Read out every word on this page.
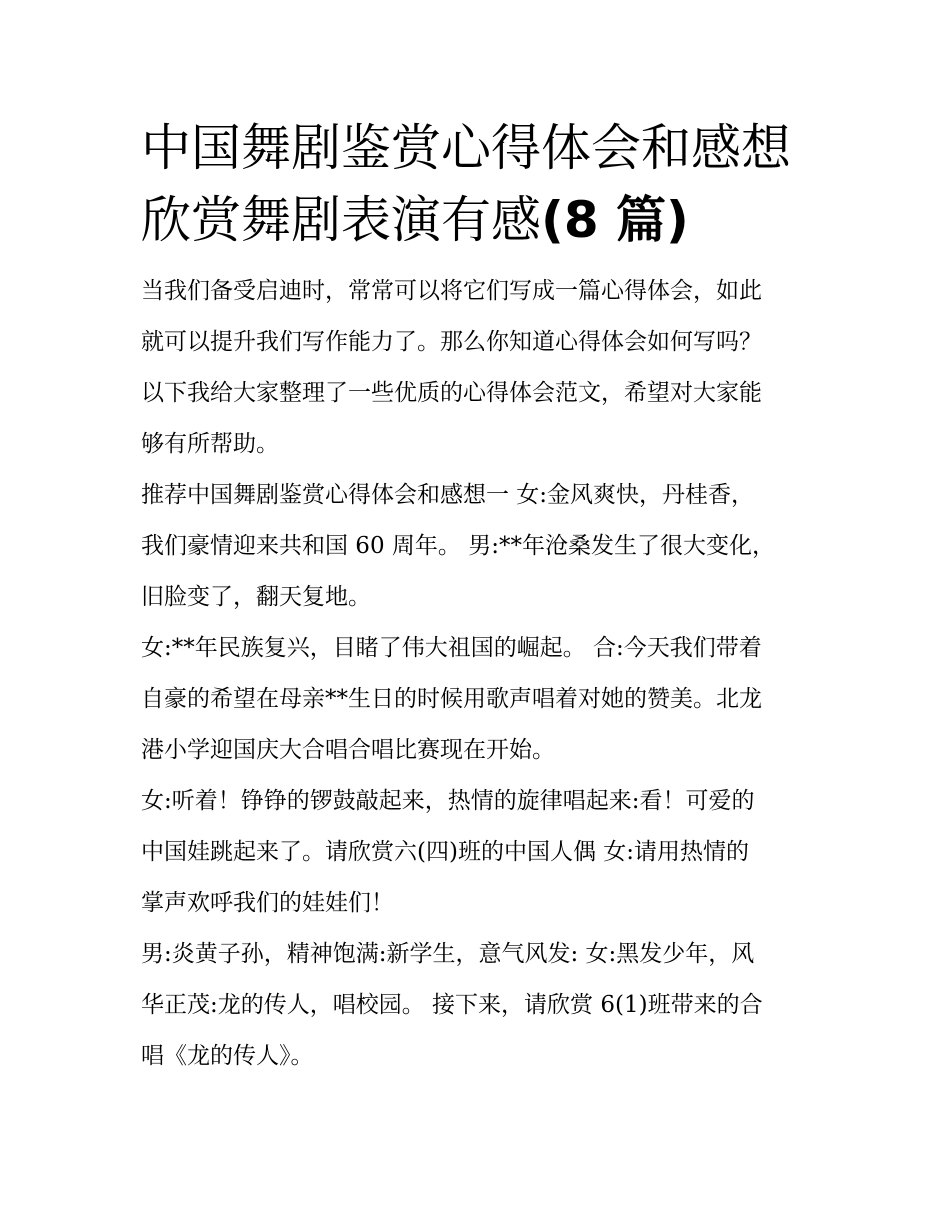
中国舞剧鉴赏心得体会和感想
欣赏舞剧表演有感(8 篇)

当我们备受启迪时，常常可以将它们写成一篇心得体会，如此
就可以提升我们写作能力了。那么你知道心得体会如何写吗？
以下我给大家整理了一些优质的心得体会范文，希望对大家能
够有所帮助。

推荐中国舞剧鉴赏心得体会和感想一 女:金风爽快，丹桂香，
我们豪情迎来共和国 60 周年。 男:**年沧桑发生了很大变化，
旧脸变了，翻天复地。

女:**年民族复兴，目睹了伟大祖国的崛起。 合:今天我们带着
自豪的希望在母亲**生日的时候用歌声唱着对她的赞美。北龙
港小学迎国庆大合唱合唱比赛现在开始。

女:听着！铮铮的锣鼓敲起来，热情的旋律唱起来:看！可爱的
中国娃跳起来了。请欣赏六(四)班的中国人偶 女:请用热情的
掌声欢呼我们的娃娃们！

男:炎黄子孙，精神饱满:新学生，意气风发: 女:黑发少年，风
华正茂:龙的传人，唱校园。 接下来，请欣赏 6(1)班带来的合
唱《龙的传人》。
